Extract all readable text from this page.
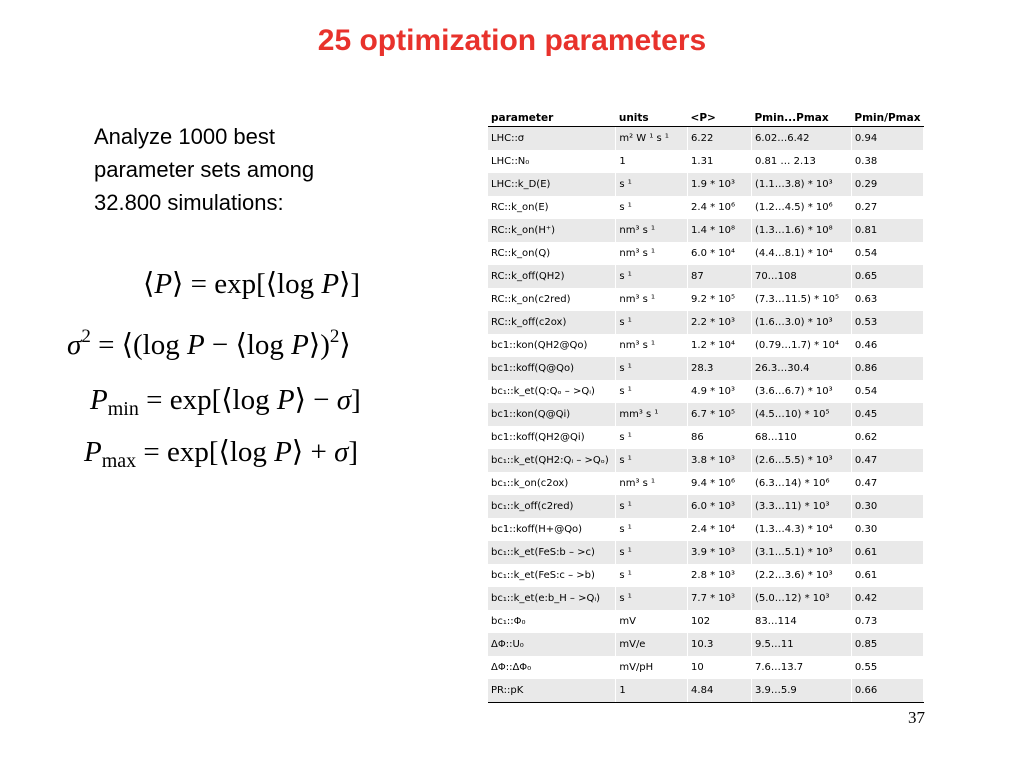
25 optimization parameters
Analyze 1000 best
parameter sets among
32.800 simulations:
⟨P⟩ = exp[⟨log P⟩]
$\sigma^2$ = ⟨(log P − ⟨log P⟩)$^2$⟩
$P_{min}$ = exp[⟨log P⟩ − σ]
$P_{max}$ = exp[⟨log P⟩ + σ]
parameter	units	<P>	Pmin...Pmax	Pmin/Pmax
LHC::σ	m² W ¹ s ¹	6.22	6.02…6.42	0.94
LHC::N₀	1	1.31	0.81 … 2.13	0.38
LHC::k_D(E)	s ¹	1.9 * 10³	(1.1…3.8) * 10³	0.29
RC::k_on(E)	s ¹	2.4 * 10⁶	(1.2…4.5) * 10⁶	0.27
RC::k_on(H⁺)	nm³ s ¹	1.4 * 10⁸	(1.3…1.6) * 10⁸	0.81
RC::k_on(Q)	nm³ s ¹	6.0 * 10⁴	(4.4…8.1) * 10⁴	0.54
RC::k_off(QH2)	s ¹	87	70…108	0.65
RC::k_on(c2red)	nm³ s ¹	9.2 * 10⁵	(7.3…11.5) * 10⁵	0.63
RC::k_off(c2ox)	s ¹	2.2 * 10³	(1.6…3.0) * 10³	0.53
bc1::kon(QH2@Qo)	nm³ s ¹	1.2 * 10⁴	(0.79…1.7) * 10⁴	0.46
bc1::koff(Q@Qo)	s ¹	28.3	26.3…30.4	0.86
bc₁::k_et(Q:Qₒ – >Qᵢ)	s ¹	4.9 * 10³	(3.6…6.7) * 10³	0.54
bc1::kon(Q@Qi)	mm³ s ¹	6.7 * 10⁵	(4.5…10) * 10⁵	0.45
bc1::koff(QH2@Qi)	s ¹	86	68…110	0.62
bc₁::k_et(QH2:Qᵢ – >Qₒ)	s ¹	3.8 * 10³	(2.6…5.5) * 10³	0.47
bc₁::k_on(c2ox)	nm³ s ¹	9.4 * 10⁶	(6.3…14) * 10⁶	0.47
bc₁::k_off(c2red)	s ¹	6.0 * 10³	(3.3…11) * 10³	0.30
bc1::koff(H+@Qo)	s ¹	2.4 * 10⁴	(1.3…4.3) * 10⁴	0.30
bc₁::k_et(FeS:b – >c)	s ¹	3.9 * 10³	(3.1…5.1) * 10³	0.61
bc₁::k_et(FeS:c – >b)	s ¹	2.8 * 10³	(2.2…3.6) * 10³	0.61
bc₁::k_et(e:b_H – >Qᵢ)	s ¹	7.7 * 10³	(5.0…12) * 10³	0.42
bc₁::Φ₀	mV	102	83…114	0.73
ΔΦ::U₀	mV/e	10.3	9.5…11	0.85
ΔΦ::ΔΦ₀	mV/pH	10	7.6…13.7	0.55
PR::pK	1	4.84	3.9…5.9	0.66
37
